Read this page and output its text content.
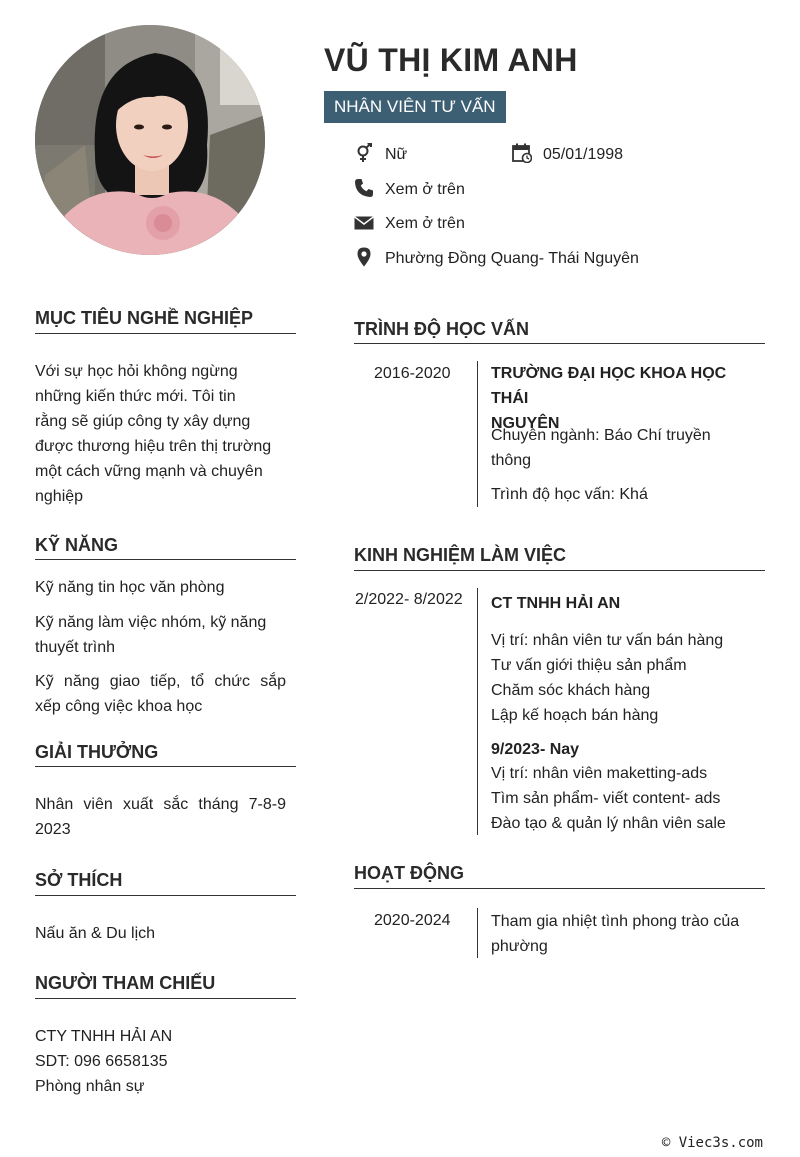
VŨ THỊ KIM ANH
NHÂN VIÊN TƯ VẤN
Nữ	05/01/1998
Xem ở trên
Xem ở trên
Phường Đồng Quang- Thái Nguyên
MỤC TIÊU NGHỀ NGHIỆP
Với sự học hỏi không ngừng
những kiến thức mới. Tôi tin
rằng sẽ giúp công ty xây dựng
được thương hiệu trên thị trường
một cách vững mạnh và chuyên
nghiệp
KỸ NĂNG
Kỹ năng tin học văn phòng
Kỹ năng làm việc nhóm, kỹ năng
thuyết trình
Kỹ năng giao tiếp, tổ chức sắp
xếp công việc khoa học
GIẢI THƯỞNG
Nhân viên xuất sắc tháng 7-8-9
2023
SỞ THÍCH
Nấu ăn & Du lịch
NGƯỜI THAM CHIẾU
CTY TNHH HẢI AN
SDT: 096 6658135
Phòng nhân sự
TRÌNH ĐỘ HỌC VẤN
2016-2020	TRƯỜNG ĐẠI HỌC KHOA HỌC THÁI
NGUYÊN
Chuyên ngành: Báo Chí truyền
thông
Trình độ học vấn: Khá
KINH NGHIỆM LÀM VIỆC
2/2022- 8/2022 CT TNHH HẢI AN
Vị trí: nhân viên tư vấn bán hàng
Tư vấn giới thiệu sản phẩm
Chăm sóc khách hàng
Lập kế hoạch bán hàng
9/2023- Nay
Vị trí: nhân viên maketting-ads
Tìm sản phẩm- viết content- ads
Đào tạo & quản lý nhân viên sale
HOẠT ĐỘNG
2020-2024	Tham gia nhiệt tình phong trào của
phường
© Viec3s.com
